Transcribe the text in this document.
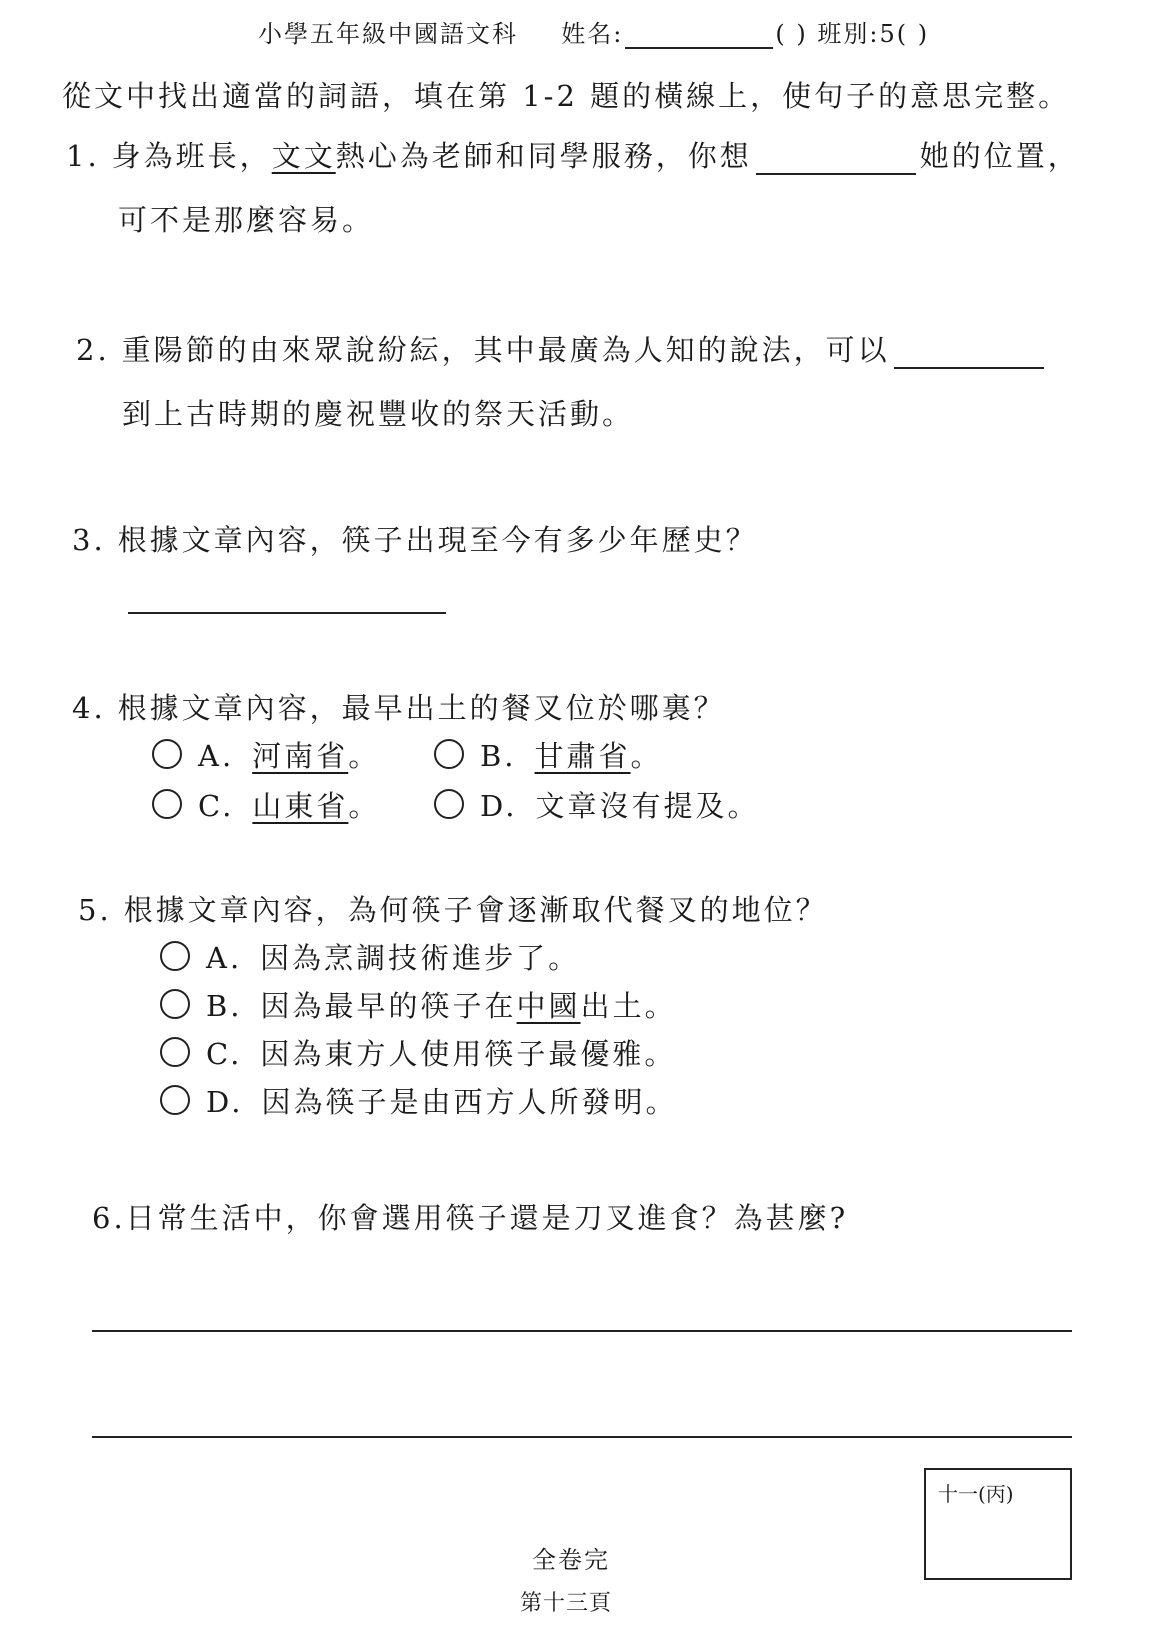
小學五年級中國語文科 姓名:	( ) 班別:5( )
從文中找出適當的詞語，填在第 1-2 題的橫線上，使句子的意思完整。
1. 身為班長，文文熱心為老師和同學服務，你想	她的位置，
可不是那麼容易。
2. 重陽節的由來眾說紛紜，其中最廣為人知的說法，可以
到上古時期的慶祝豐收的祭天活動。
3. 根據文章內容，筷子出現至今有多少年歷史？
4. 根據文章內容，最早出土的餐叉位於哪裏？
A. 河南省。	B. 甘肅省。
C. 山東省。	D. 文章沒有提及。
5. 根據文章內容，為何筷子會逐漸取代餐叉的地位？
A. 因為烹調技術進步了。
B. 因為最早的筷子在中國出土。
C. 因為東方人使用筷子最優雅。
D. 因為筷子是由西方人所發明。
6.日常生活中，你會選用筷子還是刀叉進食？為甚麼?
十一(丙)
全卷完
第十三頁
